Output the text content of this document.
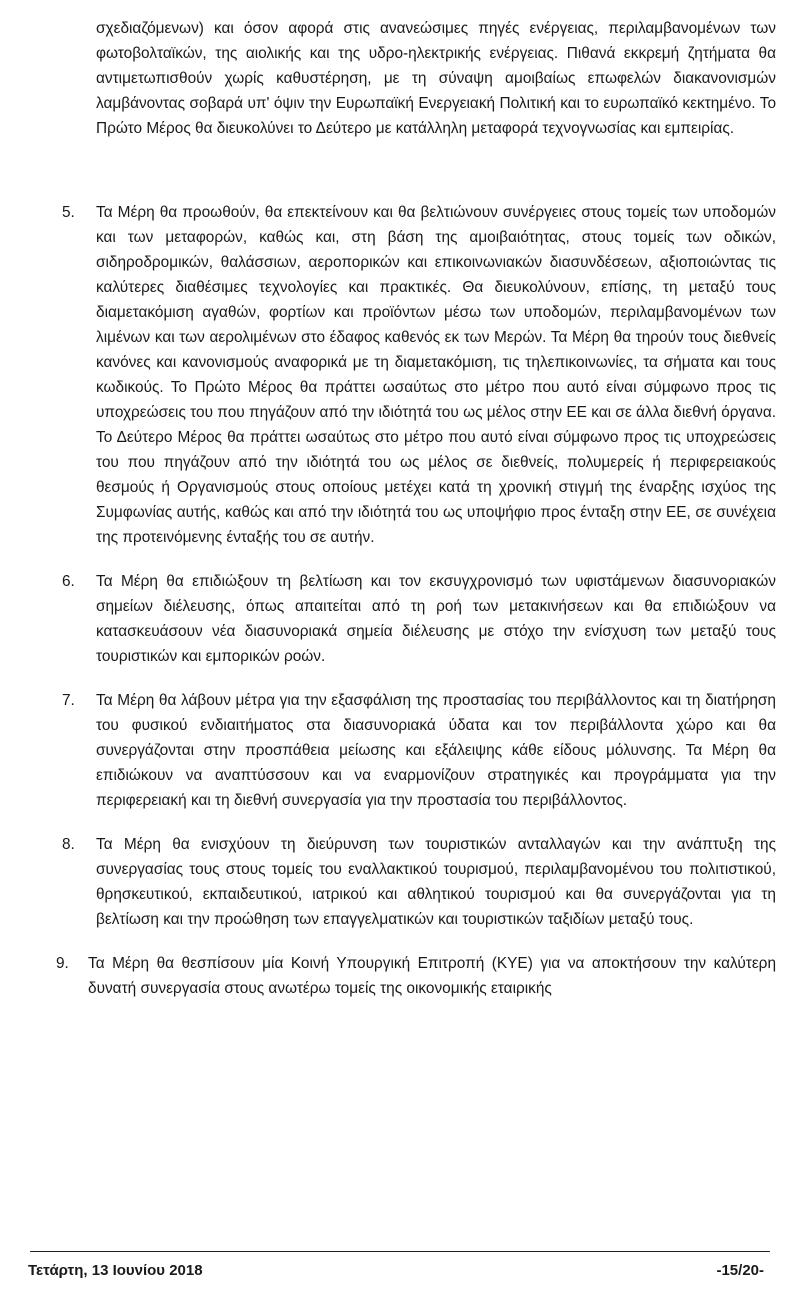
σχεδιαζόμενων) και όσον αφορά στις ανανεώσιμες πηγές ενέργειας, περιλαμβανομένων των φωτοβολταϊκών, της αιολικής και της υδρο-ηλεκτρικής ενέργειας. Πιθανά εκκρεμή ζητήματα θα αντιμετωπισθούν χωρίς καθυστέρηση, με τη σύναψη αμοιβαίως επωφελών διακανονισμών λαμβάνοντας σοβαρά υπ' όψιν την Ευρωπαϊκή Ενεργειακή Πολιτική και το ευρωπαϊκό κεκτημένο. Το Πρώτο Μέρος θα διευκολύνει το Δεύτερο με κατάλληλη μεταφορά τεχνογνωσίας και εμπειρίας.

5. Τα Μέρη θα προωθούν, θα επεκτείνουν και θα βελτιώνουν συνέργειες στους τομείς των υποδομών και των μεταφορών, καθώς και, στη βάση της αμοιβαιότητας, στους τομείς των οδικών, σιδηροδρομικών, θαλάσσιων, αεροπορικών και επικοινωνιακών διασυνδέσεων, αξιοποιώντας τις καλύτερες διαθέσιμες τεχνολογίες και πρακτικές. Θα διευκολύνουν, επίσης, τη μεταξύ τους διαμετακόμιση αγαθών, φορτίων και προϊόντων μέσω των υποδομών, περιλαμβανομένων των λιμένων και των αερολιμένων στο έδαφος καθενός εκ των Μερών. Τα Μέρη θα τηρούν τους διεθνείς κανόνες και κανονισμούς αναφορικά με τη διαμετακόμιση, τις τηλεπικοινωνίες, τα σήματα και τους κωδικούς. Το Πρώτο Μέρος θα πράττει ωσαύτως στο μέτρο που αυτό είναι σύμφωνο προς τις υποχρεώσεις του που πηγάζουν από την ιδιότητά του ως μέλος στην ΕΕ και σε άλλα διεθνή όργανα. Το Δεύτερο Μέρος θα πράττει ωσαύτως στο μέτρο που αυτό είναι σύμφωνο προς τις υποχρεώσεις του που πηγάζουν από την ιδιότητά του ως μέλος σε διεθνείς, πολυμερείς ή περιφερειακούς θεσμούς ή Οργανισμούς στους οποίους μετέχει κατά τη χρονική στιγμή της έναρξης ισχύος της Συμφωνίας αυτής, καθώς και από την ιδιότητά του ως υποψήφιο προς ένταξη στην ΕΕ, σε συνέχεια της προτεινόμενης ένταξής του σε αυτήν.

6. Τα Μέρη θα επιδιώξουν τη βελτίωση και τον εκσυγχρονισμό των υφιστάμενων διασυνοριακών σημείων διέλευσης, όπως απαιτείται από τη ροή των μετακινήσεων και θα επιδιώξουν να κατασκευάσουν νέα διασυνοριακά σημεία διέλευσης με στόχο την ενίσχυση των μεταξύ τους τουριστικών και εμπορικών ροών.

7. Τα Μέρη θα λάβουν μέτρα για την εξασφάλιση της προστασίας του περιβάλλοντος και τη διατήρηση του φυσικού ενδιαιτήματος στα διασυνοριακά ύδατα και τον περιβάλλοντα χώρο και θα συνεργάζονται στην προσπάθεια μείωσης και εξάλειψης κάθε είδους μόλυνσης. Τα Μέρη θα επιδιώκουν να αναπτύσσουν και να εναρμονίζουν στρατηγικές και προγράμματα για την περιφερειακή και τη διεθνή συνεργασία για την προστασία του περιβάλλοντος.

8. Τα Μέρη θα ενισχύουν τη διεύρυνση των τουριστικών ανταλλαγών και την ανάπτυξη της συνεργασίας τους στους τομείς του εναλλακτικού τουρισμού, περιλαμβανομένου του πολιτιστικού, θρησκευτικού, εκπαιδευτικού, ιατρικού και αθλητικού τουρισμού και θα συνεργάζονται για τη βελτίωση και την προώθηση των επαγγελματικών και τουριστικών ταξιδίων μεταξύ τους.

9. Τα Μέρη θα θεσπίσουν μία Κοινή Υπουργική Επιτροπή (ΚΥΕ) για να αποκτήσουν την καλύτερη δυνατή συνεργασία στους ανωτέρω τομείς της οικονομικής εταιρικής

Τετάρτη, 13 Ιουνίου 2018	-15/20-
